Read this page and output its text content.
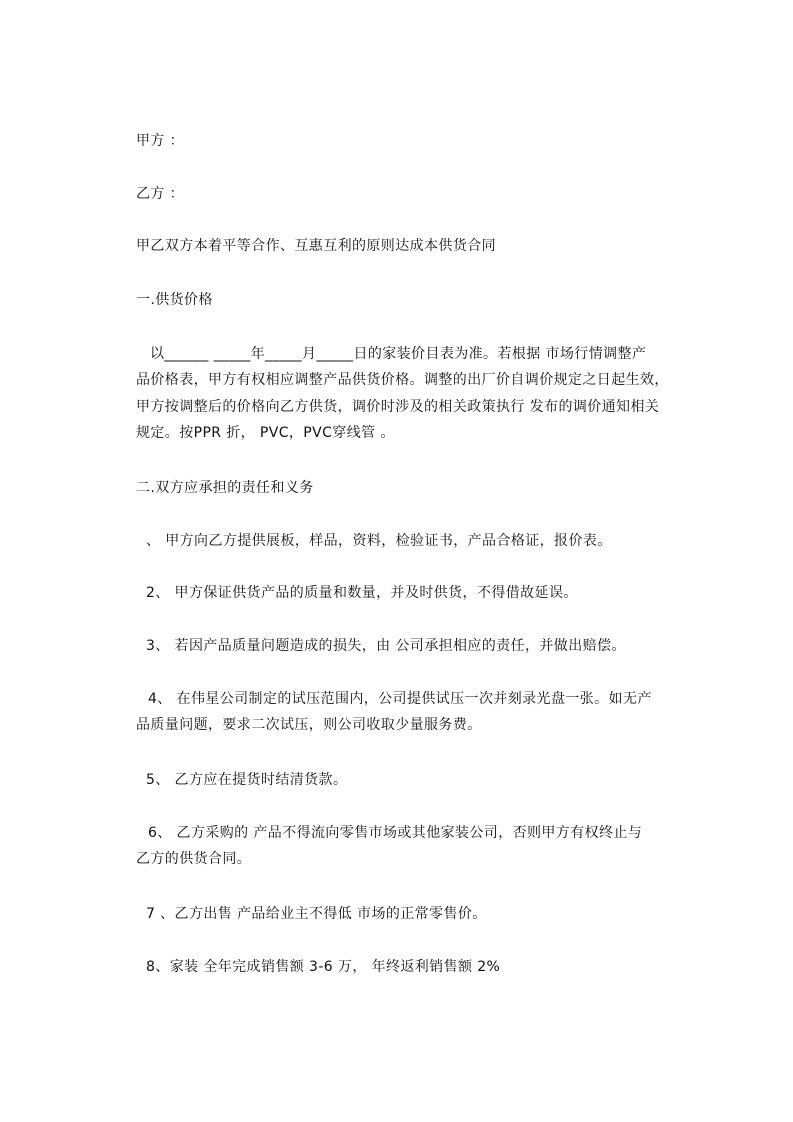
甲方 ：
乙方 ：
甲乙双方本着平等合作、互惠互利的原则达成本供货合同
一.供货价格
以______ _____年_____月_____日的家装价目表为准。若根据 市场行情调整产
品价格表，甲方有权相应调整产品供货价格。调整的出厂价自调价规定之日起生效，
甲方按调整后的价格向乙方供货，调价时涉及的相关政策执行 发布的调价通知相关
规定。按PPR 折， PVC，PVC穿线管 。
二.双方应承担的责任和义务
、 甲方向乙方提供展板，样品，资料，检验证书，产品合格证，报价表。
2、 甲方保证供货产品的质量和数量，并及时供货，不得借故延误。
3、 若因产品质量问题造成的损失，由 公司承担相应的责任，并做出赔偿。
4、 在伟星公司制定的试压范围内，公司提供试压一次并刻录光盘一张。如无产
品质量问题，要求二次试压，则公司收取少量服务费。
5、 乙方应在提货时结清货款。
6、 乙方采购的 产品不得流向零售市场或其他家装公司，否则甲方有权终止与
乙方的供货合同。
7 、乙方出售 产品给业主不得低 市场的正常零售价。
8、家装 全年完成销售额 3-6 万， 年终返利销售额 2%
